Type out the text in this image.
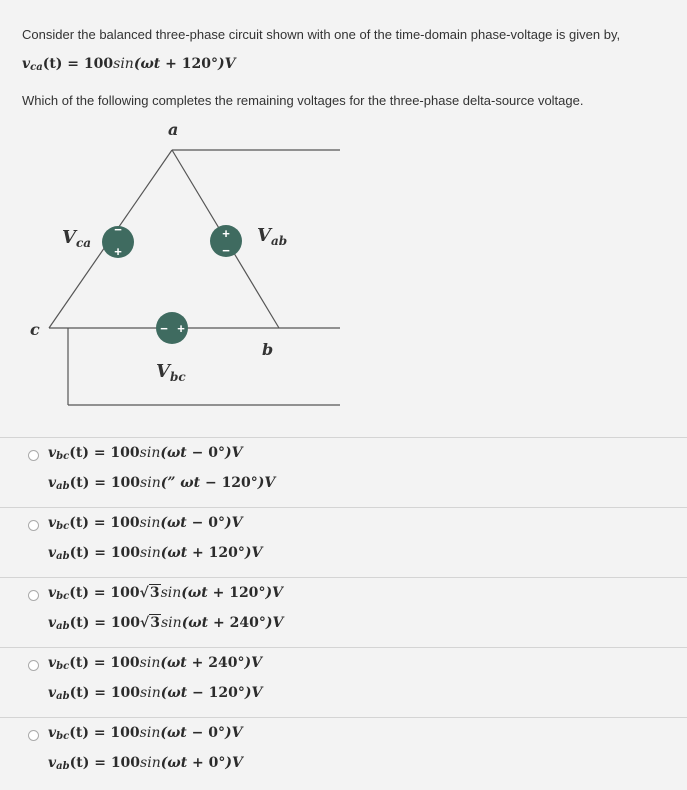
Consider the balanced three-phase circuit shown with one of the time-domain phase-voltage is given by,
$v_{ca}(t) = 100\sin(\omega t + 120^\circ)V$
Which of the following completes the remaining voltages for the three-phase delta-source voltage.
a
c
b
−
+
$V_{ca}$
+
−
$V_{ab}$
− +
$V_{bc}$
$v_{bc}(t) = 100\sin(\omega t - 0^\circ)V$
$v_{ab}(t) = 100\sin$(” ωt − 120°)V
$v_{bc}(t) = 100\sin(\omega t - 0^\circ)V$
$v_{ab}(t) = 100\sin(\omega t + 120^\circ)V$
$v_{bc}(t) = 100√3\sin(\omega t + 120^\circ)V$
$v_{ab}(t) = 100√3\sin(\omega t + 240^\circ)V$
$v_{bc}(t) = 100\sin(\omega t + 240^\circ)V$
$v_{ab}(t) = 100\sin(\omega t - 120^\circ)V$
$v_{bc}(t) = 100\sin(\omega t - 0^\circ)V$
$v_{ab}(t) = 100\sin(\omega t + 0^\circ)V$
